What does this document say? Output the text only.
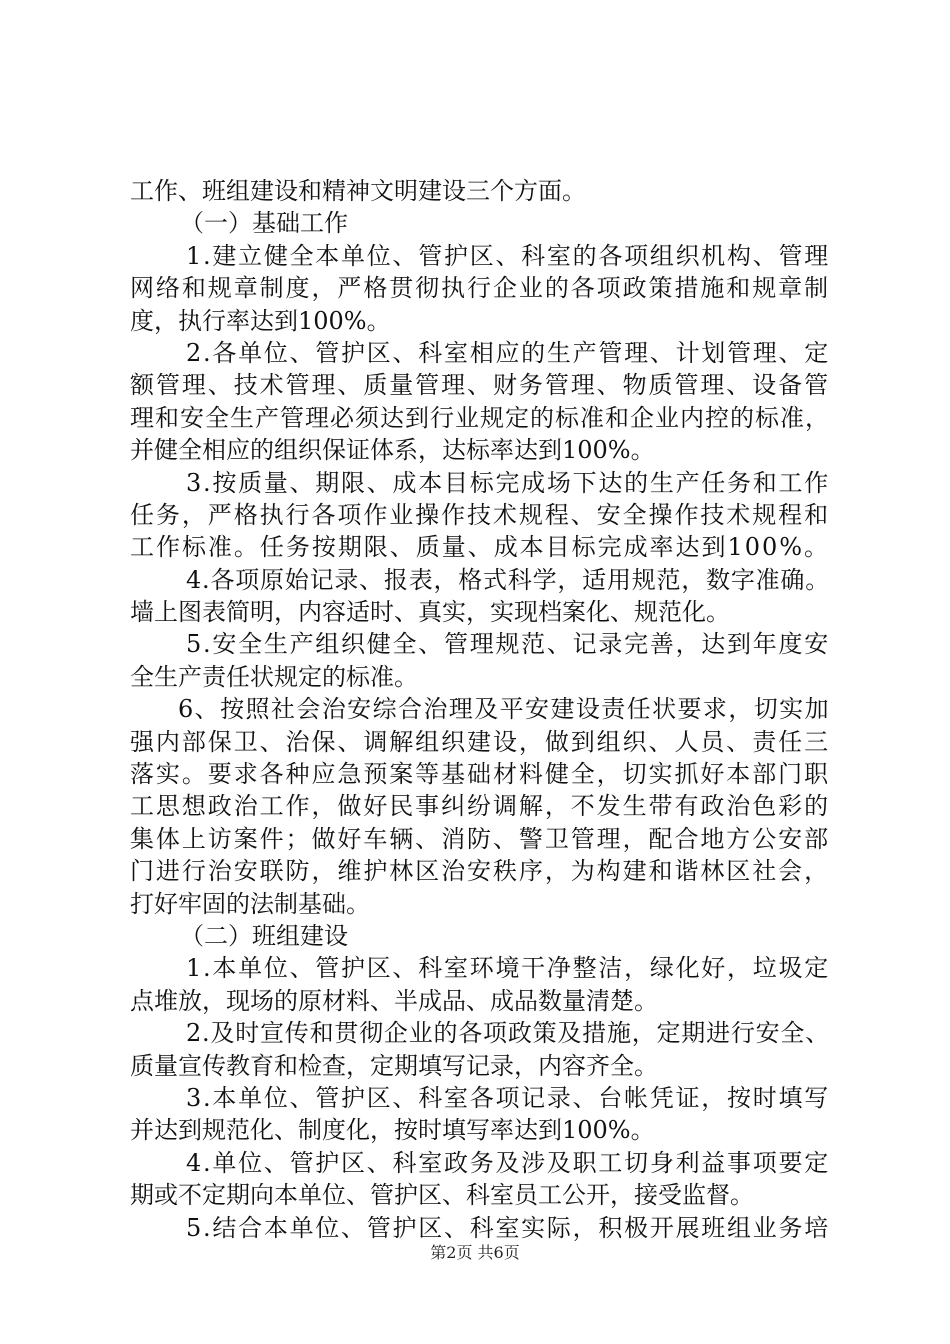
工作、班组建设和精神文明建设三个方面。
（一）基础工作
1.建立健全本单位、管护区、科室的各项组织机构、管理
网络和规章制度，严格贯彻执行企业的各项政策措施和规章制
度，执行率达到100%。
2.各单位、管护区、科室相应的生产管理、计划管理、定
额管理、技术管理、质量管理、财务管理、物质管理、设备管
理和安全生产管理必须达到行业规定的标准和企业内控的标准，
并健全相应的组织保证体系，达标率达到100%。
3.按质量、期限、成本目标完成场下达的生产任务和工作
任务，严格执行各项作业操作技术规程、安全操作技术规程和
工作标准。任务按期限、质量、成本目标完成率达到100%。
4.各项原始记录、报表，格式科学，适用规范，数字准确。
墙上图表简明，内容适时、真实，实现档案化、规范化。
5.安全生产组织健全、管理规范、记录完善，达到年度安
全生产责任状规定的标准。
6、按照社会治安综合治理及平安建设责任状要求，切实加
强内部保卫、治保、调解组织建设，做到组织、人员、责任三
落实。要求各种应急预案等基础材料健全，切实抓好本部门职
工思想政治工作，做好民事纠纷调解，不发生带有政治色彩的
集体上访案件；做好车辆、消防、警卫管理，配合地方公安部
门进行治安联防，维护林区治安秩序，为构建和谐林区社会，
打好牢固的法制基础。
（二）班组建设
1.本单位、管护区、科室环境干净整洁，绿化好，垃圾定
点堆放，现场的原材料、半成品、成品数量清楚。
2.及时宣传和贯彻企业的各项政策及措施，定期进行安全、
质量宣传教育和检查，定期填写记录，内容齐全。
3.本单位、管护区、科室各项记录、台帐凭证，按时填写
并达到规范化、制度化，按时填写率达到100%。
4.单位、管护区、科室政务及涉及职工切身利益事项要定
期或不定期向本单位、管护区、科室员工公开，接受监督。
5.结合本单位、管护区、科室实际，积极开展班组业务培
第2页 共6页
